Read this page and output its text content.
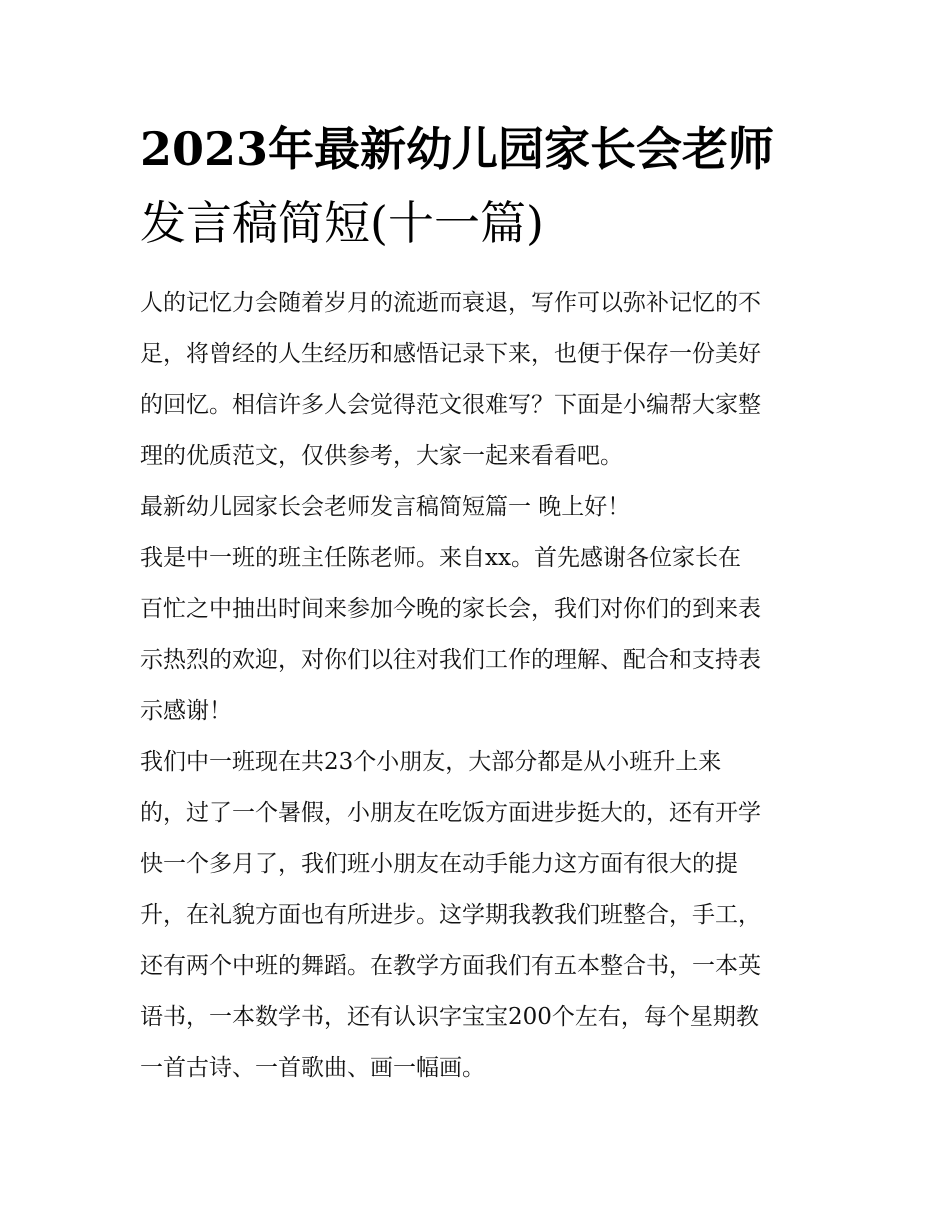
2023年最新幼儿园家长会老师
发言稿简短(十一篇)
人的记忆力会随着岁月的流逝而衰退，写作可以弥补记忆的不
足，将曾经的人生经历和感悟记录下来，也便于保存一份美好
的回忆。相信许多人会觉得范文很难写？下面是小编帮大家整
理的优质范文，仅供参考，大家一起来看看吧。
最新幼儿园家长会老师发言稿简短篇一 晚上好！
我是中一班的班主任陈老师。来自xx。首先感谢各位家长在
百忙之中抽出时间来参加今晚的家长会，我们对你们的到来表
示热烈的欢迎，对你们以往对我们工作的理解、配合和支持表
示感谢！
我们中一班现在共23个小朋友，大部分都是从小班升上来
的，过了一个暑假，小朋友在吃饭方面进步挺大的，还有开学
快一个多月了，我们班小朋友在动手能力这方面有很大的提
升，在礼貌方面也有所进步。这学期我教我们班整合，手工，
还有两个中班的舞蹈。在教学方面我们有五本整合书，一本英
语书，一本数学书，还有认识字宝宝200个左右，每个星期教
一首古诗、一首歌曲、画一幅画。
